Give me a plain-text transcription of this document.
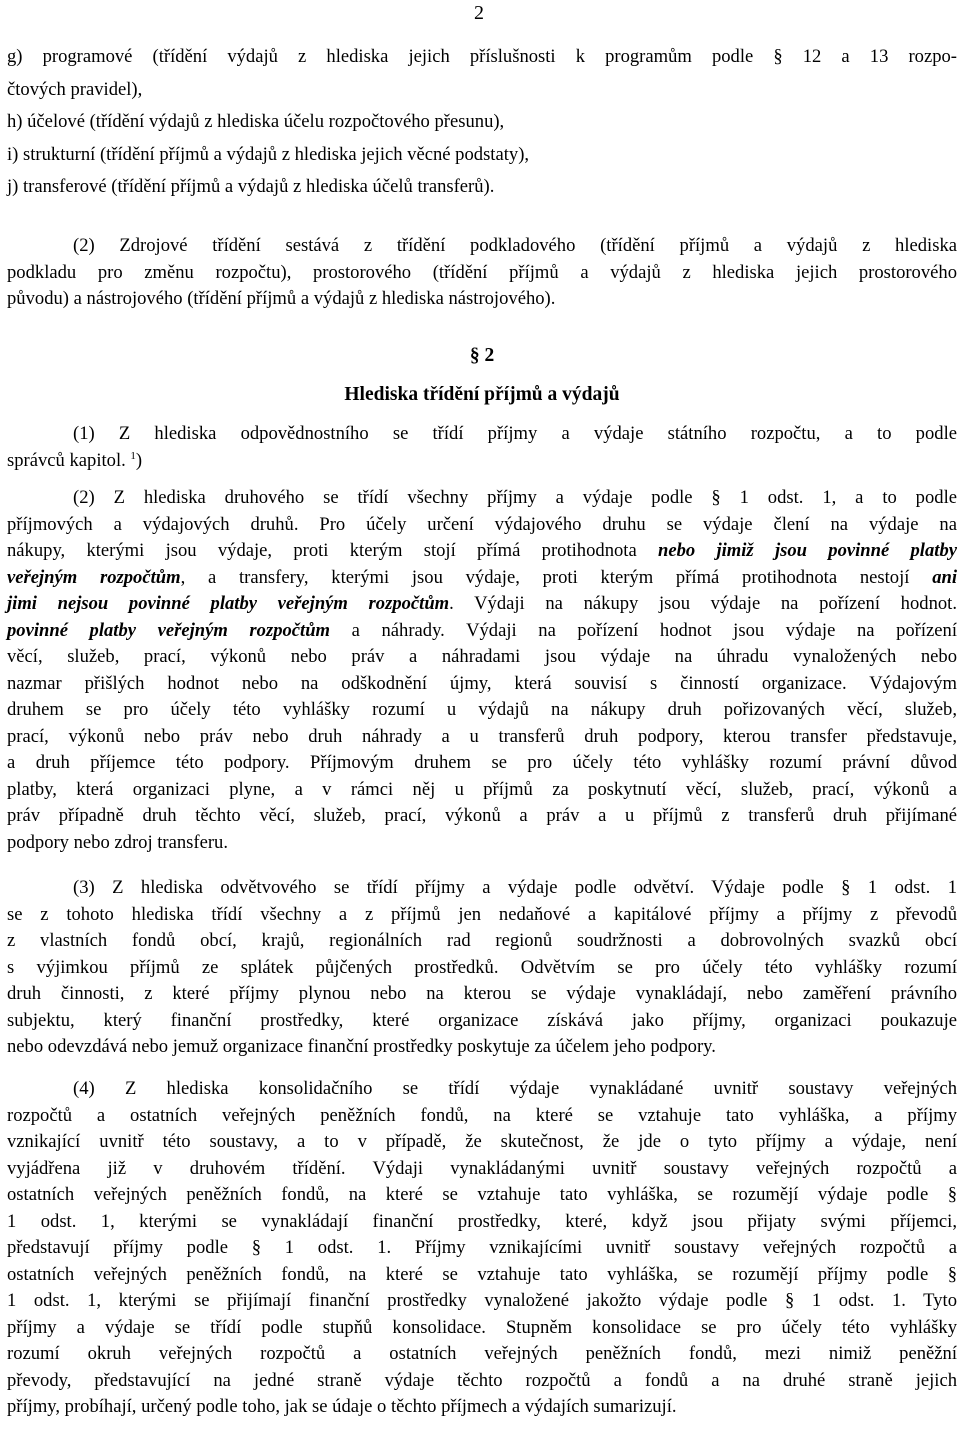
2
g) programové (třídění výdajů z hlediska jejich příslušnosti k programům podle § 12 a 13 rozpo-
čtových pravidel),
h) účelové (třídění výdajů z hlediska účelu rozpočtového přesunu),
i) strukturní (třídění příjmů a výdajů z hlediska jejich věcné podstaty),
j) transferové (třídění příjmů a výdajů z hlediska účelů transferů).
(2) Zdrojové třídění sestává z třídění podkladového (třídění příjmů a výdajů z hlediska
podkladu pro změnu rozpočtu), prostorového (třídění příjmů a výdajů z hlediska jejich prostorového
původu) a nástrojového (třídění příjmů a výdajů z hlediska nástrojového).
§ 2
Hlediska třídění příjmů a výdajů
(1) Z hlediska odpovědnostního se třídí příjmy a výdaje státního rozpočtu, a to podle
správců kapitol. $^1$)
(2) Z hlediska druhového se třídí všechny příjmy a výdaje podle § 1 odst. 1, a to podle
příjmových a výdajových druhů. Pro účely určení výdajového druhu se výdaje člení na výdaje na
nákupy, kterými jsou výdaje, proti kterým stojí přímá protihodnota nebo jimiž jsou povinné platby
veřejným rozpočtům, a transfery, kterými jsou výdaje, proti kterým přímá protihodnota nestojí ani
jimi nejsou povinné platby veřejným rozpočtům. Výdaji na nákupy jsou výdaje na pořízení hodnot.
povinné platby veřejným rozpočtům a náhrady. Výdaji na pořízení hodnot jsou výdaje na pořízení
věcí, služeb, prací, výkonů nebo práv a náhradami jsou výdaje na úhradu vynaložených nebo
nazmar přišlých hodnot nebo na odškodnění újmy, která souvisí s činností organizace. Výdajovým
druhem se pro účely této vyhlášky rozumí u výdajů na nákupy druh pořizovaných věcí, služeb,
prací, výkonů nebo práv nebo druh náhrady a u transferů druh podpory, kterou transfer představuje,
a druh příjemce této podpory. Příjmovým druhem se pro účely této vyhlášky rozumí právní důvod
platby, která organizaci plyne, a v rámci něj u příjmů za poskytnutí věcí, služeb, prací, výkonů a
práv případně druh těchto věcí, služeb, prací, výkonů a práv a u příjmů z transferů druh přijímané
podpory nebo zdroj transferu.
(3) Z hlediska odvětvového se třídí příjmy a výdaje podle odvětví. Výdaje podle § 1 odst. 1
se z tohoto hlediska třídí všechny a z příjmů jen nedaňové a kapitálové příjmy a příjmy z převodů
z vlastních fondů obcí, krajů, regionálních rad regionů soudržnosti a dobrovolných svazků obcí
s výjimkou příjmů ze splátek půjčených prostředků. Odvětvím se pro účely této vyhlášky rozumí
druh činnosti, z které příjmy plynou nebo na kterou se výdaje vynakládají, nebo zaměření právního
subjektu, který finanční prostředky, které organizace získává jako příjmy, organizaci poukazuje
nebo odevzdává nebo jemuž organizace finanční prostředky poskytuje za účelem jeho podpory.
(4) Z hlediska konsolidačního se třídí výdaje vynakládané uvnitř soustavy veřejných
rozpočtů a ostatních veřejných peněžních fondů, na které se vztahuje tato vyhláška, a příjmy
vznikající uvnitř této soustavy, a to v případě, že skutečnost, že jde o tyto příjmy a výdaje, není
vyjádřena již v druhovém třídění. Výdaji vynakládanými uvnitř soustavy veřejných rozpočtů a
ostatních veřejných peněžních fondů, na které se vztahuje tato vyhláška, se rozumějí výdaje podle §
1 odst. 1, kterými se vynakládají finanční prostředky, které, když jsou přijaty svými příjemci,
představují příjmy podle § 1 odst. 1. Příjmy vznikajícími uvnitř soustavy veřejných rozpočtů a
ostatních veřejných peněžních fondů, na které se vztahuje tato vyhláška, se rozumějí příjmy podle §
1 odst. 1, kterými se přijímají finanční prostředky vynaložené jakožto výdaje podle § 1 odst. 1. Tyto
příjmy a výdaje se třídí podle stupňů konsolidace. Stupněm konsolidace se pro účely této vyhlášky
rozumí okruh veřejných rozpočtů a ostatních veřejných peněžních fondů, mezi nimiž peněžní
převody, představující na jedné straně výdaje těchto rozpočtů a fondů a na druhé straně jejich
příjmy, probíhají, určený podle toho, jak se údaje o těchto příjmech a výdajích sumarizují.
